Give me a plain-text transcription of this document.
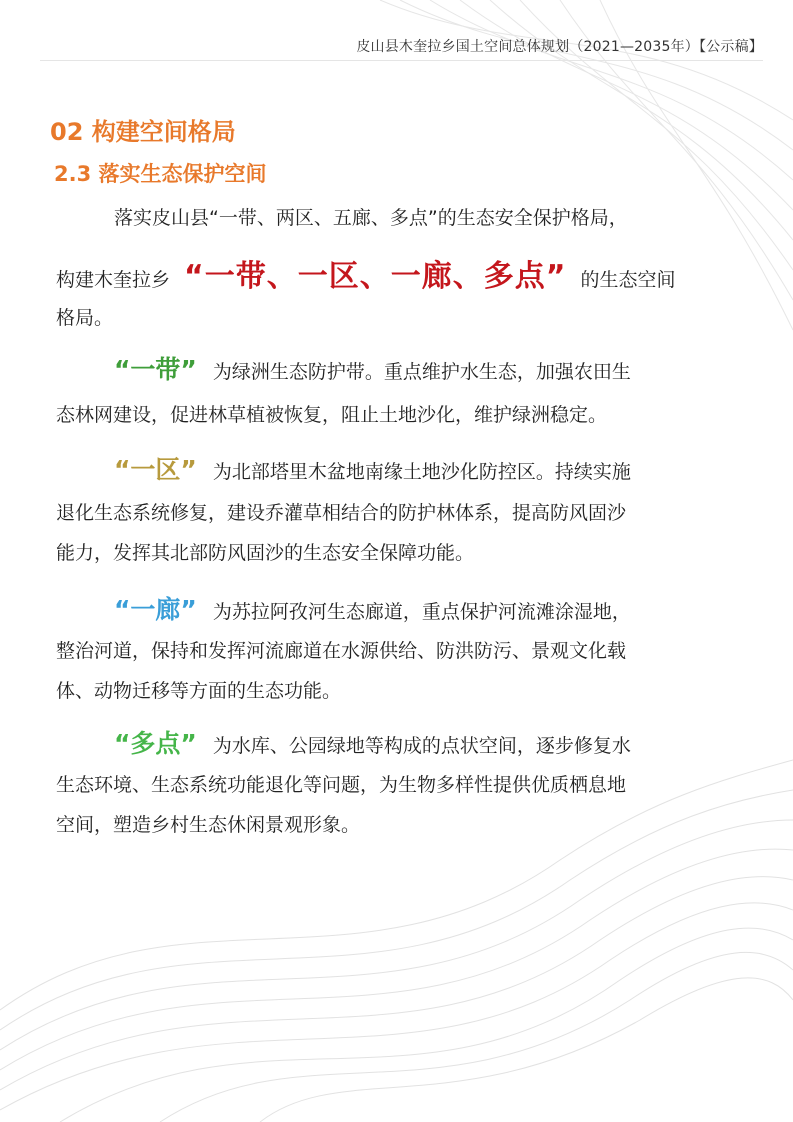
皮山县木奎拉乡国土空间总体规划（2021—2035年）【公示稿】
02 构建空间格局
2.3 落实生态保护空间
落实皮山县“一带、两区、五廊、多点”的生态安全保护格局，
构建木奎拉乡 “一带、一区、一廊、多点” 的生态空间
格局。
“一带” 为绿洲生态防护带。重点维护水生态，加强农田生
态林网建设，促进林草植被恢复，阻止土地沙化，维护绿洲稳定。
“一区” 为北部塔里木盆地南缘土地沙化防控区。持续实施
退化生态系统修复，建设乔灌草相结合的防护林体系，提高防风固沙
能力，发挥其北部防风固沙的生态安全保障功能。
“一廊” 为苏拉阿孜河生态廊道，重点保护河流滩涂湿地，
整治河道，保持和发挥河流廊道在水源供给、防洪防污、景观文化载
体、动物迁移等方面的生态功能。
“多点” 为水库、公园绿地等构成的点状空间，逐步修复水
生态环境、生态系统功能退化等问题，为生物多样性提供优质栖息地
空间，塑造乡村生态休闲景观形象。
